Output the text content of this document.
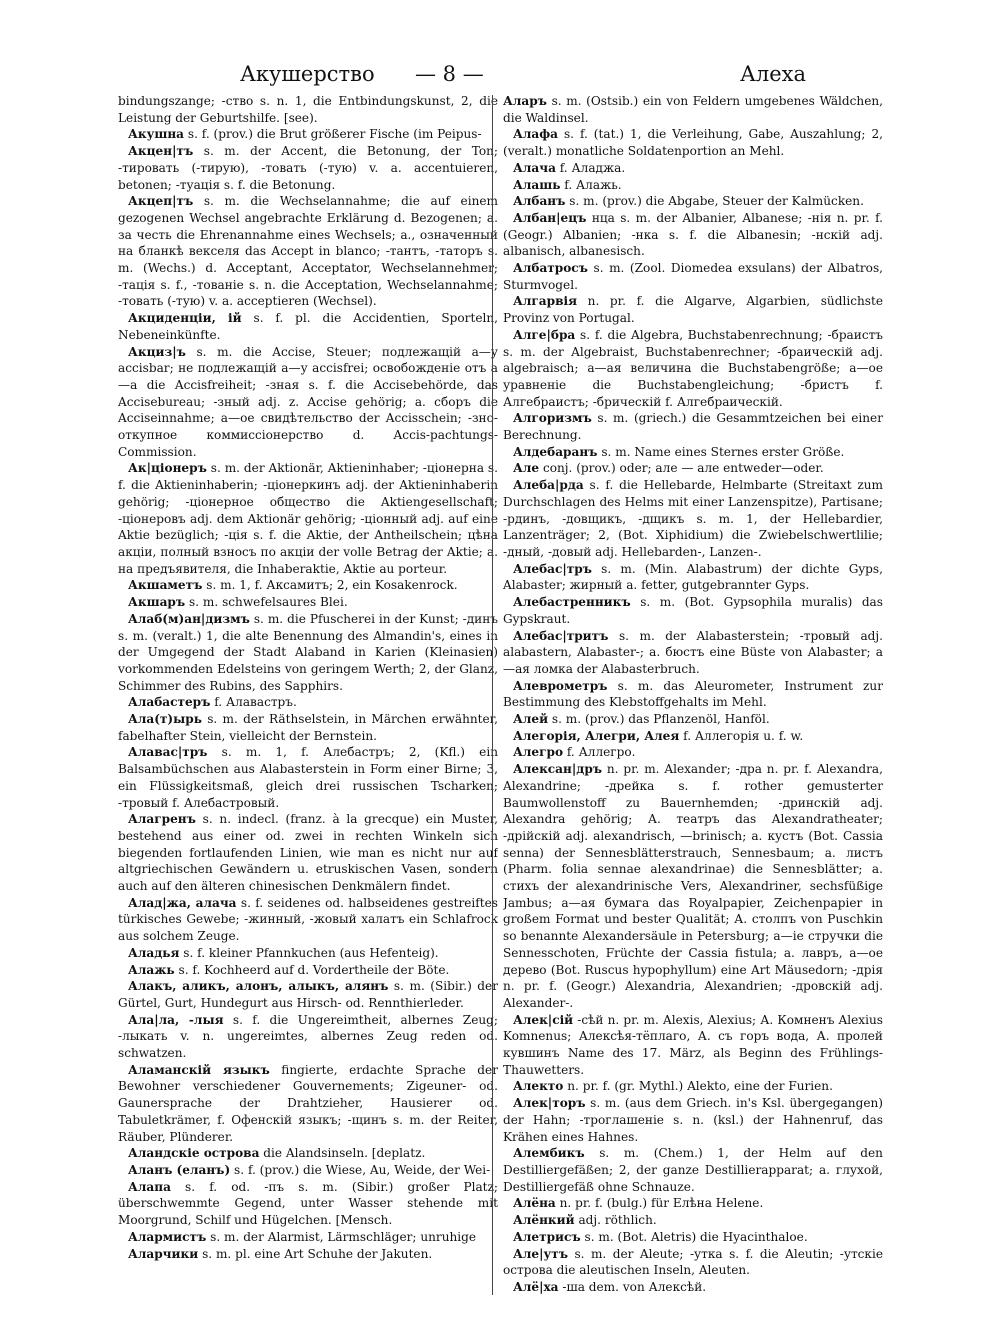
Акушерство — 8 —	Алеха

bindungszange; -ство s. n. 1, die Entbindungskunst, 2, die Leistung der Geburtshilfe. [see).

Акушна s. f. (prov.) die Brut größerer Fische (im Peipus-

Акцен|тъ s. m. der Accent, die Betonung, der Ton; -тировать (-тирую), -товать (-тую) v. a. accentuieren, betonen; -туація s. f. die Betonung.

Акцеп|тъ s. m. die Wechselannahme; die auf einem gezogenen Wechsel angebrachte Erklärung d. Bezogenen; а. за честь die Ehrenannahme eines Wechsels; а., означенный на бланкѣ векселя das Accept in blanco; -тантъ, -таторъ s. m. (Wechs.) d. Acceptant, Acceptator, Wechselannehmer; -тація s. f., -тованіе s. n. die Acceptation, Wechselannahme; -товать (-тую) v. a. acceptieren (Wechsel).

Акциденціи, ій s. f. pl. die Accidentien, Sporteln, Nebeneinkünfte.

Акциз|ъ s. m. die Accise, Steuer; подлежащій а—у accisbar; не подлежащій а—у accisfrei; освобожденіе отъ а—а die Accisfreiheit; -зная s. f. die Accisebehörde, das Accisebureau; -зный adj. z. Accise gehörig; а. сборъ die Acciseinnahme; а—ое свидѣтельство der Accisschein; -зно-откупное коммиссіонерство d. Accis-pachtungs-Commission.

Ак|ціонеръ s. m. der Aktionär, Aktieninhaber; -ціонерна s. f. die Aktieninhaberin; -ціонеркинъ adj. der Aktieninhaberin gehörig; -ціонерное общество die Aktiengesellschaft; -ціонеровъ adj. dem Aktionär gehörig; -ціонный adj. auf eine Aktie bezüglich; -ція s. f. die Aktie, der Antheilschein; цѣна акціи, полный взносъ по акціи der volle Betrag der Aktie; а. на предъявителя, die Inhaberaktie, Aktie au porteur.

Акшаметъ s. m. 1, f. Аксамитъ; 2, ein Kosakenrock.

Акшаръ s. m. schwefelsaures Blei.

Алаб(м)ан|дизмъ s. m. die Pfuscherei in der Kunst; -динъ s. m. (veralt.) 1, die alte Benennung des Almandin's, eines in der Umgegend der Stadt Alaband in Karien (Kleinasien) vorkommenden Edelsteins von geringem Werth; 2, der Glanz, Schimmer des Rubins, des Sapphirs.

Алабастеръ f. Алавастръ.

Ала(т)ырь s. m. der Räthselstein, in Märchen erwähnter, fabelhafter Stein, vielleicht der Bernstein.

Алавас|тръ s. m. 1, f. Алебастръ; 2, (Kfl.) ein Balsambüchschen aus Alabasterstein in Form einer Birne; 3, ein Flüssigkeitsmaß, gleich drei russischen Tscharken; -тровый f. Алебастровый.

Алагренъ s. n. indecl. (franz. à la grecque) ein Muster, bestehend aus einer od. zwei in rechten Winkeln sich biegenden fortlaufenden Linien, wie man es nicht nur auf altgriechischen Gewändern u. etruskischen Vasen, sondern auch auf den älteren chinesischen Denkmälern findet.

Алад|жа, алача s. f. seidenes od. halbseidenes gestreiftes türkisches Gewebe; -жинный, -жовый халатъ ein Schlafrock aus solchem Zeuge.

Аладья s. f. kleiner Pfannkuchen (aus Hefenteig).

Алажь s. f. Kochheerd auf d. Vordertheile der Böte.

Алакъ, аликъ, алонъ, алыкъ, алянъ s. m. (Sibir.) der Gürtel, Gurt, Hundegurt aus Hirsch- od. Rennthierleder.

Ала|ла, -лыя s. f. die Ungereimtheit, albernes Zeug; -лыкать v. n. ungereimtes, albernes Zeug reden od. schwatzen.

Аламанскій языкъ fingierte, erdachte Sprache der Bewohner verschiedener Gouvernements; Zigeuner- od. Gaunersprache der Drahtzieher, Hausierer od. Tabuletkrämer, f. Офенскій языкъ; -щинъ s. m. der Reiter, Räuber, Plünderer.

Аландскіе острова die Alandsinseln. [deplatz.

Аланъ (еланъ) s. f. (prov.) die Wiese, Au, Weide, der Wei-

Алапа s. f. od. -пъ s. m. (Sibir.) großer Platz; überschwemmte Gegend, unter Wasser stehende mit Moorgrund, Schilf und Hügelchen. [Mensch.

Алармистъ s. m. der Alarmist, Lärmschläger; unruhige

Аларчики s. m. pl. eine Art Schuhe der Jakuten.

Аларъ s. m. (Ostsib.) ein von Feldern umgebenes Wäldchen, die Waldinsel.

Алафа s. f. (tat.) 1, die Verleihung, Gabe, Auszahlung; 2, (veralt.) monatliche Soldatenportion an Mehl.

Алача f. Аладжа.

Алашь f. Алажь.

Албанъ s. m. (prov.) die Abgabe, Steuer der Kalmücken.

Албан|ецъ нца s. m. der Albanier, Albanese; -нія n. pr. f. (Geogr.) Albanien; -нка s. f. die Albanesin; -нскій adj. albanisch, albanesisch.

Албатросъ s. m. (Zool. Diomedea exsulans) der Albatros, Sturmvogel.

Алгарвія n. pr. f. die Algarve, Algarbien, südlichste Provinz von Portugal.

Алге|бра s. f. die Algebra, Buchstabenrechnung; -браистъ s. m. der Algebraist, Buchstabenrechner; -браическій adj. algebraisch; а—ая величина die Buchstabengröße; а—ое уравненіе die Buchstabengleichung; -бристъ f. Алгебраистъ; -брическій f. Алгебраическій.

Алгоризмъ s. m. (griech.) die Gesammtzeichen bei einer Berechnung.

Алдебаранъ s. m. Name eines Sternes erster Größe.

Але conj. (prov.) oder; але — але entweder—oder.

Алеба|рда s. f. die Hellebarde, Helmbarte (Streitaxt zum Durchschlagen des Helms mit einer Lanzenspitze), Partisane; -рдинъ, -довщикъ, -дщикъ s. m. 1, der Hellebardier, Lanzenträger; 2, (Bot. Xiphidium) die Zwiebelschwertlilie; -дный, -довый adj. Hellebarden-, Lanzen-.

Алебас|тръ s. m. (Min. Alabastrum) der dichte Gyps, Alabaster; жирный а. fetter, gutgebrannter Gyps.

Алебастренникъ s. m. (Bot. Gypsophila muralis) das Gypskraut.

Алебас|тритъ s. m. der Alabasterstein; -тровый adj. alabastern, Alabaster-; а. бюстъ eine Büste von Alabaster; а—ая ломка der Alabasterbruch.

Алеврометръ s. m. das Aleurometer, Instrument zur Bestimmung des Klebstoffgehalts im Mehl.

Алей s. m. (prov.) das Pflanzenöl, Hanföl.

Алегорія, Алегри, Алея f. Аллегорія u. f. w.

Алегро f. Аллегро.

Алексан|дръ n. pr. m. Alexander; -дра n. pr. f. Alexandra, Alexandrine; -дрейка s. f. rother gemusterter Baumwollenstoff zu Bauernhemden; -дринскій adj. Alexandra gehörig; А. театръ das Alexandratheater; -дрійскій adj. alexandrisch, —brinisch; а. кустъ (Bot. Cassia senna) der Sennesblätterstrauch, Sennesbaum; а. листъ (Pharm. folia sennae alexandrinae) die Sennesblätter; а. стихъ der alexandrinische Vers, Alexandriner, sechsfüßige Jambus; а—ая бумага das Royalpapier, Zeichenpapier in großem Format und bester Qualität; А. столпъ von Puschkin so benannte Alexandersäule in Petersburg; а—іе стручки die Sennesschoten, Früchte der Cassia fistula; а. лавръ, а—ое дерево (Bot. Ruscus hypophyllum) eine Art Mäusedorn; -дрія n. pr. f. (Geogr.) Alexandria, Alexandrien; -дровскій adj. Alexander-.

Алек|сій -сѣй n. pr. m. Alexis, Alexius; А. Комненъ Alexius Komnenus; Алексѣя-тёплаго, А. съ горъ вода, А. пролей кувшинъ Name des 17. März, als Beginn des Frühlings-Thauwetters.

Алекто n. pr. f. (gr. Mythl.) Alekto, eine der Furien.

Алек|торъ s. m. (aus dem Griech. in's Ksl. übergegangen) der Hahn; -троглашеніе s. n. (ksl.) der Hahnenruf, das Krähen eines Hahnes.

Алембикъ s. m. (Chem.) 1, der Helm auf den Destilliergefäßen; 2, der ganze Destillierapparat; а. глухой, Destilliergefäß ohne Schnauze.

Алёна n. pr. f. (bulg.) für Елѣна Helene.

Алёнкий adj. röthlich.

Алетрисъ s. m. (Bot. Aletris) die Hyacinthaloe.

Але|утъ s. m. der Aleute; -утка s. f. die Aleutin; -утскіе острова die aleutischen Inseln, Aleuten.

Алё|ха -ша dem. von Алексѣй.
